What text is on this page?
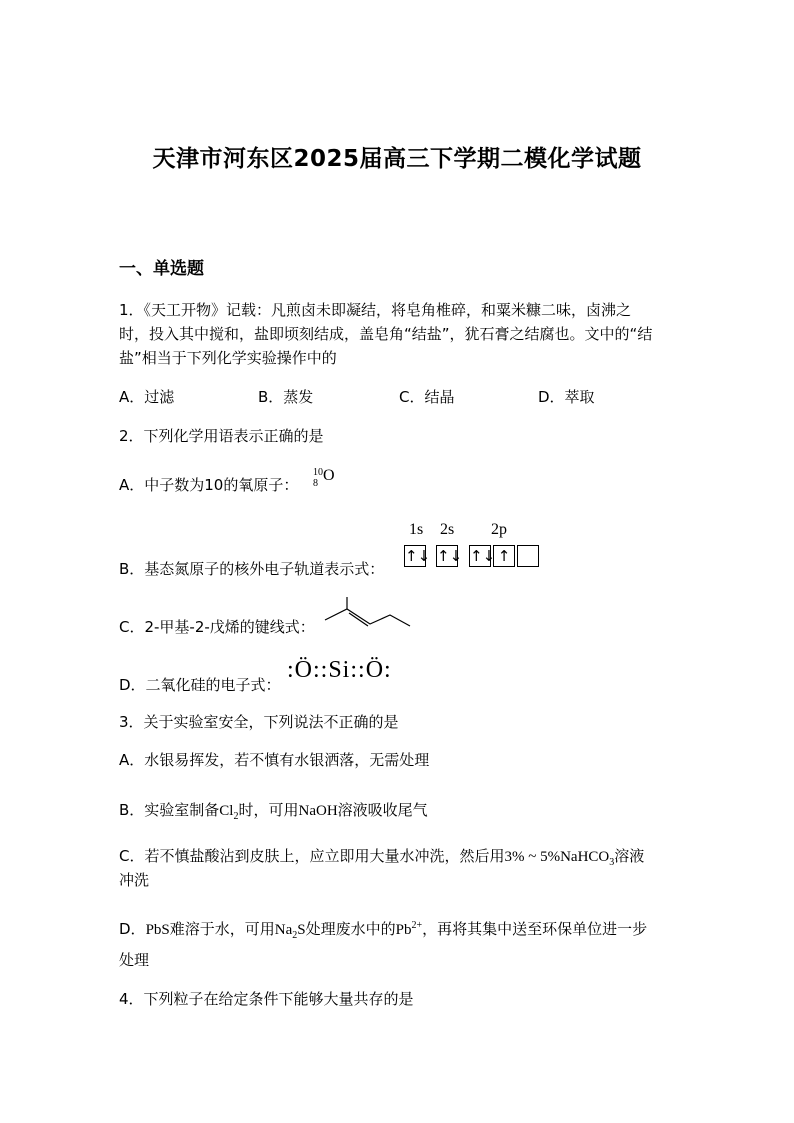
天津市河东区2025届高三下学期二模化学试题
一、单选题
1．《天工开物》记载：凡煎卤未即凝结，将皂角椎碎，和粟米糠二味，卤沸之
时，投入其中搅和，盐即顷刻结成，盖皂角“结盐”，犹石膏之结腐也。文中的“结
盐”相当于下列化学实验操作中的
A．过滤	B．蒸发	C．结晶	D．萃取
2．下列化学用语表示正确的是
A．中子数为10的氧原子：
10
8 O
B．基态氮原子的核外电子轨道表示式：
1s 2s 2p
↑↓ ↑↓ ↑↓ ↑
C．2-甲基-2-戊烯的键线式：
D．二氧化硅的电子式：
:Ö::Si::Ö:
3．关于实验室安全，下列说法不正确的是
A．水银易挥发，若不慎有水银洒落，无需处理
B．实验室制备$Cl_2$时，可用NaOH溶液吸收尾气
C．若不慎盐酸沾到皮肤上，应立即用大量水冲洗，然后用3% ~ 5%NaHCO$_3$溶液
冲洗
D．PbS难溶于水，可用$Na_2S$处理废水中的$Pb^{2+}$，再将其集中送至环保单位进一步
处理
4．下列粒子在给定条件下能够大量共存的是
